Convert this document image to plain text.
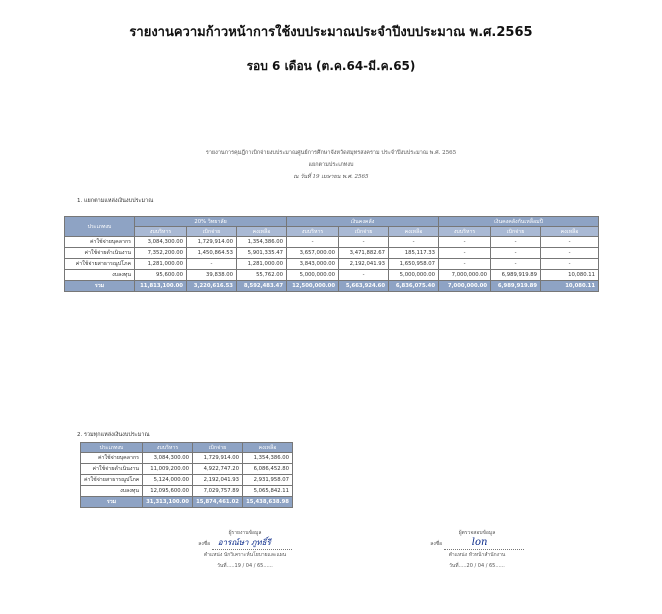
รายงานความก้าวหน้าการใช้งบประมาณประจำปีงบประมาณ พ.ศ.2565
รอบ 6 เดือน (ต.ค.64-มี.ค.65)
รายงานการคุมฎีกาเบิกจ่ายงบประมาณศูนย์การศึกษาจังหวัดสมุทรสงคราม ประจำปีงบประมาณ พ.ศ. 2565
แยกตามประเภทงบ
ณ วันที่ 19 เมษายน พ.ศ. 2565
1. แยกตามแหล่งเงินงบประมาณ
ประเภทงบ	20% วิทยาลัย			เงินคงคลัง			เงินคงคลังกันเหลื่อมปี		
	งบบริหาร	เบิกจ่าย	คงเหลือ	งบบริหาร	เบิกจ่าย	คงเหลือ	งบบริหาร	เบิกจ่าย	คงเหลือ
ค่าใช้จ่ายบุคลากร	3,084,300.00	1,729,914.00	1,354,386.00	-	-	-	-	-	-
ค่าใช้จ่ายดำเนินงาน	7,352,200.00	1,450,864.53	5,901,335.47	3,657,000.00	3,471,882.67	185,117.33	-	-	-
ค่าใช้จ่ายสาธารณูปโภค	1,281,000.00	-	1,281,000.00	3,843,000.00	2,192,041.93	1,650,958.07	-	-	-
งบลงทุน	95,600.00	39,838.00	55,762.00	5,000,000.00	-	5,000,000.00	7,000,000.00	6,989,919.89	10,080.11
รวม	11,813,100.00	3,220,616.53	8,592,483.47	12,500,000.00	5,663,924.60	6,836,075.40	7,000,000.00	6,989,919.89	10,080.11
2. รวมทุกแหล่งเงินงบประมาณ
ประเภทงบ	งบบริหาร	เบิกจ่าย	คงเหลือ
ค่าใช้จ่ายบุคลากร	3,084,300.00	1,729,914.00	1,354,386.00
ค่าใช้จ่ายดำเนินงาน	11,009,200.00	4,922,747.20	6,086,452.80
ค่าใช้จ่ายสาธารณูปโภค	5,124,000.00	2,192,041.93	2,931,958.07
งบลงทุน	12,095,600.00	7,029,757.89	5,065,842.11
รวม	31,313,100.00	15,874,461.02	15,438,638.98
ผู้รายงานข้อมูล
ลงชื่อ อารณ์ษา ภูทธิ์รี
ตำแหน่ง นักวิเคราะห์นโยบายและแผน
วันที่.....19 / 04 / 65......
ผู้ตรวจสอบข้อมูล
ลงชื่อ	lon
ตำแหน่ง หัวหน้าสำนักงาน
วันที่.....20 / 04 / 65......
